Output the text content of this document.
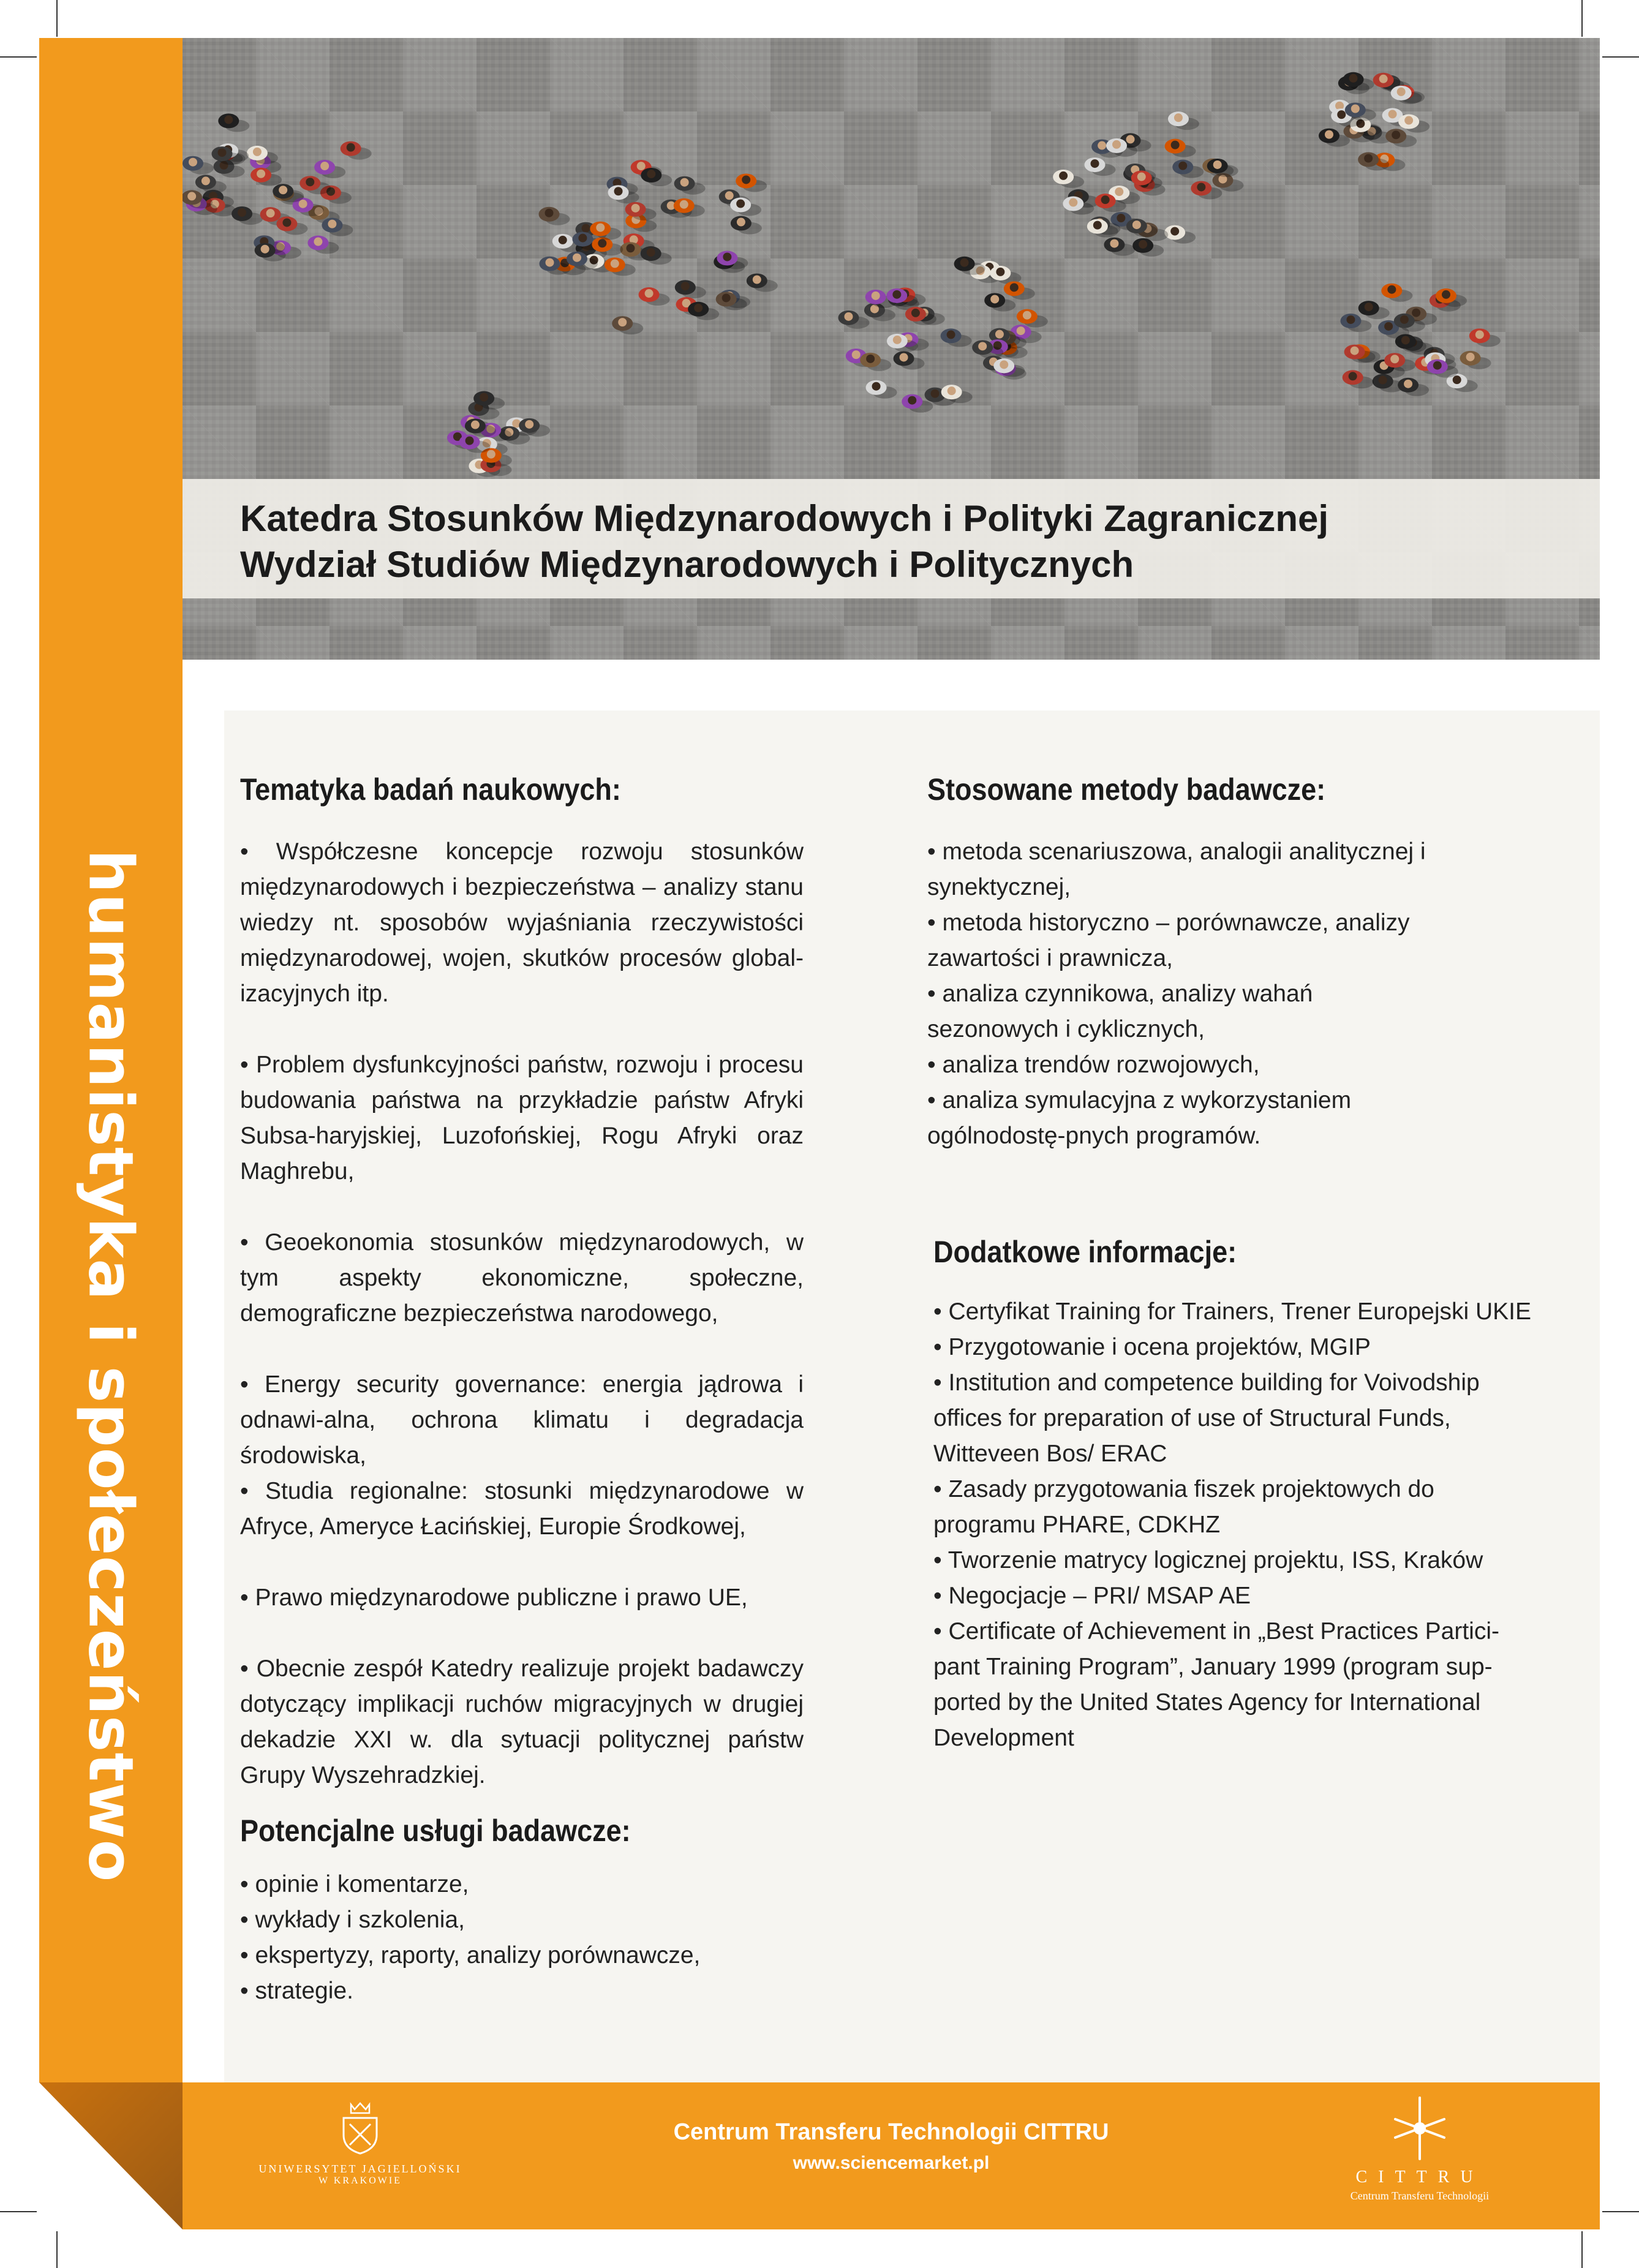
humanistyka i społeczeństwo
Katedra Stosunków Międzynarodowych i Polityki Zagranicznej
Wydział Studiów Międzynarodowych i Politycznych
Tematyka badań naukowych:

• Współczesne koncepcje rozwoju stosunków międzynarodowych i bezpieczeństwa – analizy stanu wiedzy nt. sposobów wyjaśniania rzeczywistości międzynarodowej, wojen, skutków procesów global-izacyjnych itp.

• Problem dysfunkcyjności państw, rozwoju i procesu budowania państwa na przykładzie państw Afryki Subsa-haryjskiej, Luzofońskiej, Rogu Afryki oraz Maghrebu,

• Geoekonomia stosunków międzynarodowych, w tym aspekty ekonomiczne, społeczne, demograficzne bezpieczeństwa narodowego,

• Energy security governance: energia jądrowa i odnawi-alna, ochrona klimatu i degradacja środowiska,

• Studia regionalne: stosunki międzynarodowe w Afryce, Ameryce Łacińskiej, Europie Środkowej,

• Prawo międzynarodowe publiczne i prawo UE,

• Obecnie zespół Katedry realizuje projekt badawczy dotyczący implikacji ruchów migracyjnych w drugiej dekadzie XXI w. dla sytuacji politycznej państw Grupy Wyszehradzkiej.

Potencjalne usługi badawcze:

• opinie i komentarze,

• wykłady i szkolenia,

• ekspertyzy, raporty, analizy porównawcze,

• strategie.

Stosowane metody badawcze:

• metoda scenariuszowa, analogii analitycznej i synektycznej,

• metoda historyczno – porównawcze, analizy zawartości i prawnicza,

• analiza czynnikowa, analizy wahań sezonowych i cyklicznych,

• analiza trendów rozwojowych,

• analiza symulacyjna z wykorzystaniem ogólnodostę-pnych programów.

Dodatkowe informacje:

• Certyfikat Training for Trainers, Trener Europejski UKIE

• Przygotowanie i ocena projektów, MGIP

• Institution and competence building for Voivodship offices for preparation of use of Structural Funds, Witteveen Bos/ ERAC

• Zasady przygotowania fiszek projektowych do programu PHARE, CDKHZ

• Tworzenie matrycy logicznej projektu, ISS, Kraków

• Negocjacje – PRI/ MSAP AE

• Certificate of Achievement in „Best Practices Partici-pant Training Program”, January 1999 (program sup-ported by the United States Agency for International Development

UNIWERSYTET JAGIELLOŃSKI
W KRAKOWIE
Centrum Transferu Technologii CITTRU
www.sciencemarket.pl
CITTRU
Centrum Transferu Technologii
